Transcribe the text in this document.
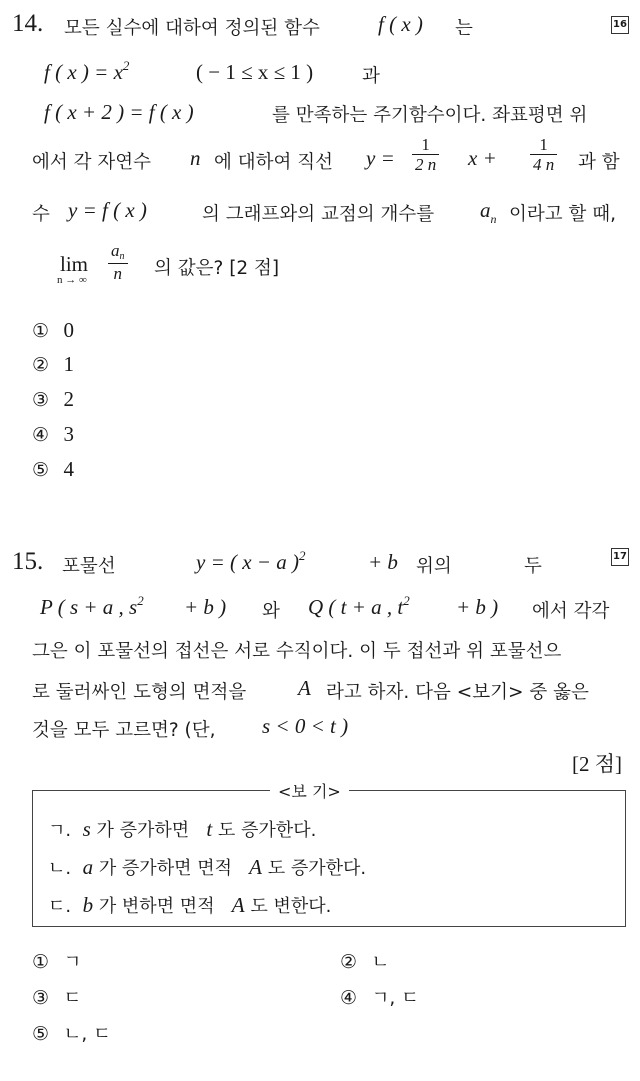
14. 모든 실수에 대하여 정의된 함수	f ( x ) 는	16
f ( x ) = $x^2$	( − 1 ≤ x ≤ 1 )	과
f ( x + 2 ) = f ( x )	를 만족하는 주기함수이다. 좌표평면 위
에서 각 자연수 n 에 대하여 직선 $y = \frac{1}{2 n}$ $x + \frac{1}{4 n}$ 과 함
수 y = f ( x )	의 그래프와의 교점의 개수를 $a_n$ 이라고 할 때,
lim
n → ∞ $\frac{an}{n}$ 의 값은? [2 점]
① 0
② 1
③ 2
④ 3
⑤ 4
15. 포물선	y = ( x − a )$^2$	+ b 위의	두	17
P ( s + a , $s^2 + b$ ) 와 Q ( t + a , $t^2 + b$ ) 에서 각각
그은 이 포물선의 접선은 서로 수직이다. 이 두 접선과 위 포물선으
로 둘러싸인 도형의 면적을 A 라고 하자. 다음 <보기> 중 옳은
것을 모두 고르면? (단, s < 0 < t )
[2 점]
<보 기>
ㄱ. s 가 증가하면 t 도 증가한다.
ㄴ. a 가 증가하면 면적 A 도 증가한다.
ㄷ. b 가 변하면 면적 A 도 변한다.
① ㄱ	② ㄴ
③ ㄷ	④ ㄱ, ㄷ
⑤ ㄴ, ㄷ
